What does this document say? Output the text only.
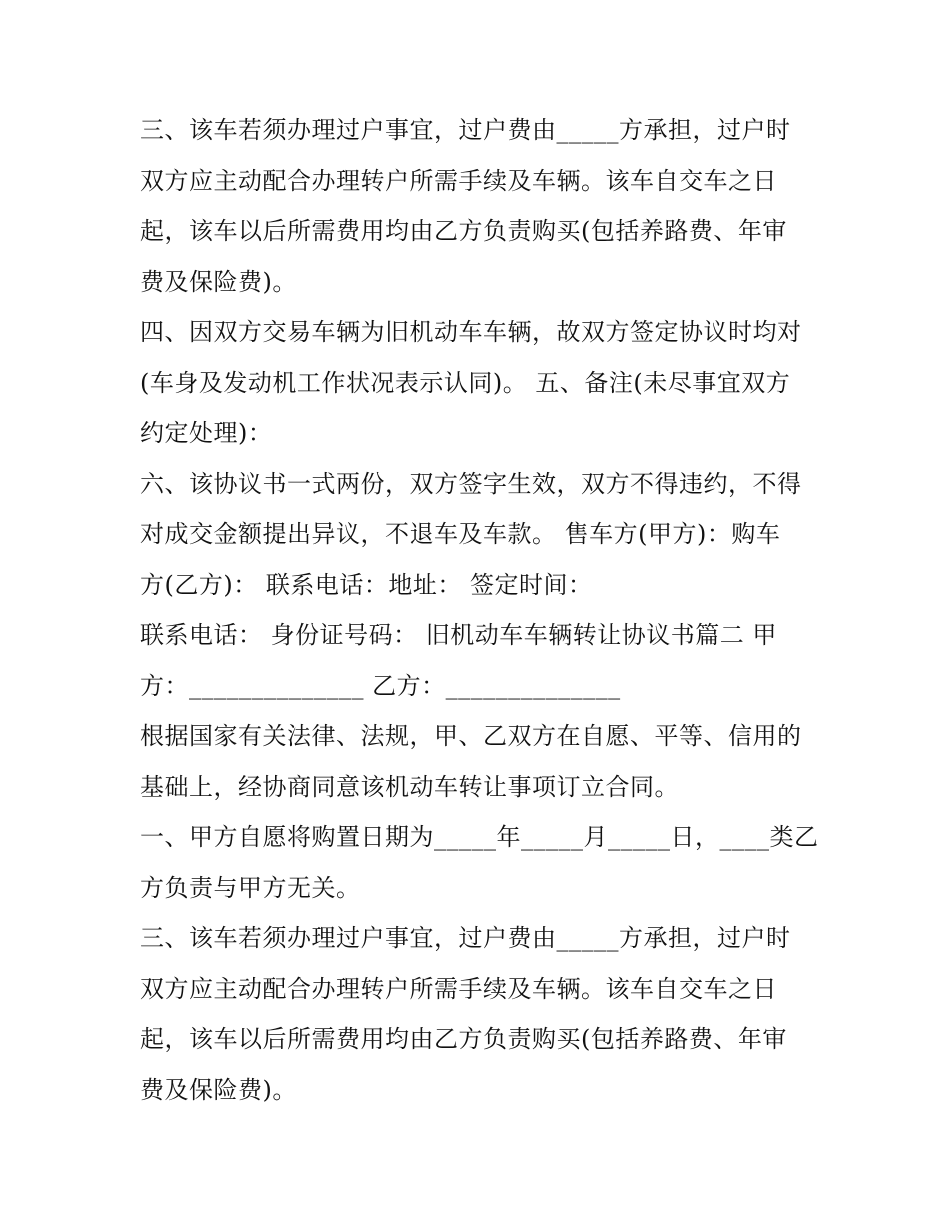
三、该车若须办理过户事宜，过户费由_____方承担，过户时
双方应主动配合办理转户所需手续及车辆。该车自交车之日
起，该车以后所需费用均由乙方负责购买(包括养路费、年审
费及保险费)。
四、因双方交易车辆为旧机动车车辆，故双方签定协议时均对
(车身及发动机工作状况表示认同)。 五、备注(未尽事宜双方
约定处理)：
六、该协议书一式两份，双方签字生效，双方不得违约，不得
对成交金额提出异议，不退车及车款。 售车方(甲方)：购车
方(乙方)： 联系电话：地址： 签定时间：
联系电话： 身份证号码： 旧机动车车辆转让协议书篇二 甲
方：______________ 乙方：______________
根据国家有关法律、法规，甲、乙双方在自愿、平等、信用的
基础上，经协商同意该机动车转让事项订立合同。
一、甲方自愿将购置日期为_____年_____月_____日，____类乙
方负责与甲方无关。
三、该车若须办理过户事宜，过户费由_____方承担，过户时
双方应主动配合办理转户所需手续及车辆。该车自交车之日
起，该车以后所需费用均由乙方负责购买(包括养路费、年审
费及保险费)。
